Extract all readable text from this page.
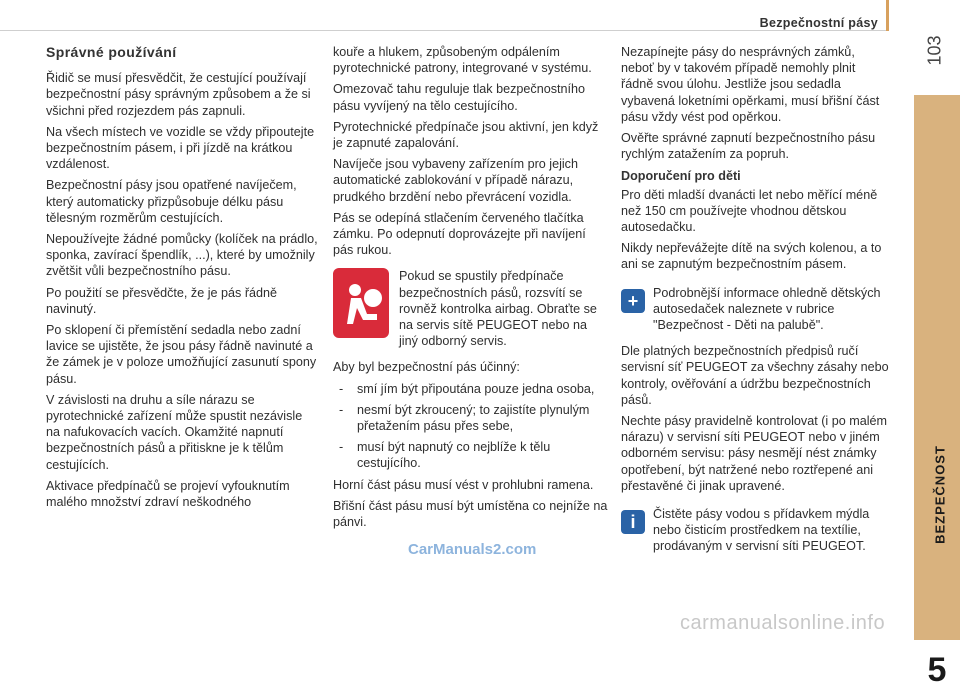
Bezpečnostní pásy
103
BEZPEČNOST
5
Správné používání

Řidič se musí přesvědčit, že cestující používají bezpečnostní pásy správným způsobem a že si všichni před rozjezdem pás zapnuli.

Na všech místech ve vozidle se vždy připoutejte bezpečnostním pásem, i při jízdě na krátkou vzdálenost.

Bezpečnostní pásy jsou opatřené navíječem, který automaticky přizpůsobuje délku pásu tělesným rozměrům cestujících.

Nepoužívejte žádné pomůcky (kolíček na prádlo, sponka, zavírací špendlík, ...), které by umožnily zvětšit vůli bezpečnostního pásu.

Po použití se přesvědčte, že je pás řádně navinutý.

Po sklopení či přemístění sedadla nebo zadní lavice se ujistěte, že jsou pásy řádně navinuté a že zámek je v poloze umožňující zasunutí spony pásu.

V závislosti na druhu a síle nárazu se pyrotechnické zařízení může spustit nezávisle na nafukovacích vacích. Okamžité napnutí bezpečnostních pásů a přitiskne je k tělům cestujících.

Aktivace předpínačů se projeví vyfouknutím malého množství zdraví neškodného

kouře a hlukem, způsobeným odpálením pyrotechnické patrony, integrované v systému.

Omezovač tahu reguluje tlak bezpečnostního pásu vyvíjený na tělo cestujícího.

Pyrotechnické předpínače jsou aktivní, jen když je zapnuté zapalování.

Navíječe jsou vybaveny zařízením pro jejich automatické zablokování v případě nárazu, prudkého brzdění nebo převrácení vozidla.

Pás se odepíná stlačením červeného tlačítka zámku. Po odepnutí doprovázejte při navíjení pás rukou.

Pokud se spustily předpínače bezpečnostních pásů, rozsvítí se rovněž kontrolka airbag. Obraťte se na servis sítě PEUGEOT nebo na jiný odborný servis.

Aby byl bezpečnostní pás účinný:

- smí jím být připoutána pouze jedna osoba,
- nesmí být zkroucený; to zajistíte plynulým přetažením pásu přes sebe,
- musí být napnutý co nejblíže k tělu cestujícího.

Horní část pásu musí vést v prohlubni ramena.

Břišní část pásu musí být umístěna co nejníže na pánvi.

Nezapínejte pásy do nesprávných zámků, neboť by v takovém případě nemohly plnit řádně svou úlohu. Jestliže jsou sedadla vybavená loketními opěrkami, musí břišní část pásu vždy vést pod opěrkou.

Ověřte správné zapnutí bezpečnostního pásu rychlým zatažením za popruh.

Doporučení pro děti

Pro děti mladší dvanácti let nebo měřící méně než 150 cm používejte vhodnou dětskou autosedačku.

Nikdy nepřevážejte dítě na svých kolenou, a to ani se zapnutým bezpečnostním pásem.

+	Podrobnější informace ohledně dětských autosedaček naleznete v rubrice "Bezpečnost - Děti na palubě".

Dle platných bezpečnostních předpisů ručí servisní síť PEUGEOT za všechny zásahy nebo kontroly, ověřování a údržbu bezpečnostních pásů.

Nechte pásy pravidelně kontrolovat (i po malém nárazu) v servisní síti PEUGEOT nebo v jiném odborném servisu: pásy nesmějí nést známky opotřebení, být natržené nebo roztřepené ani přestavěné či jinak upravené.

i	Čistěte pásy vodou s přídavkem mýdla nebo čisticím prostředkem na textílie, prodávaným v servisní síti PEUGEOT.
CarManuals2.com
carmanualsonline.info
